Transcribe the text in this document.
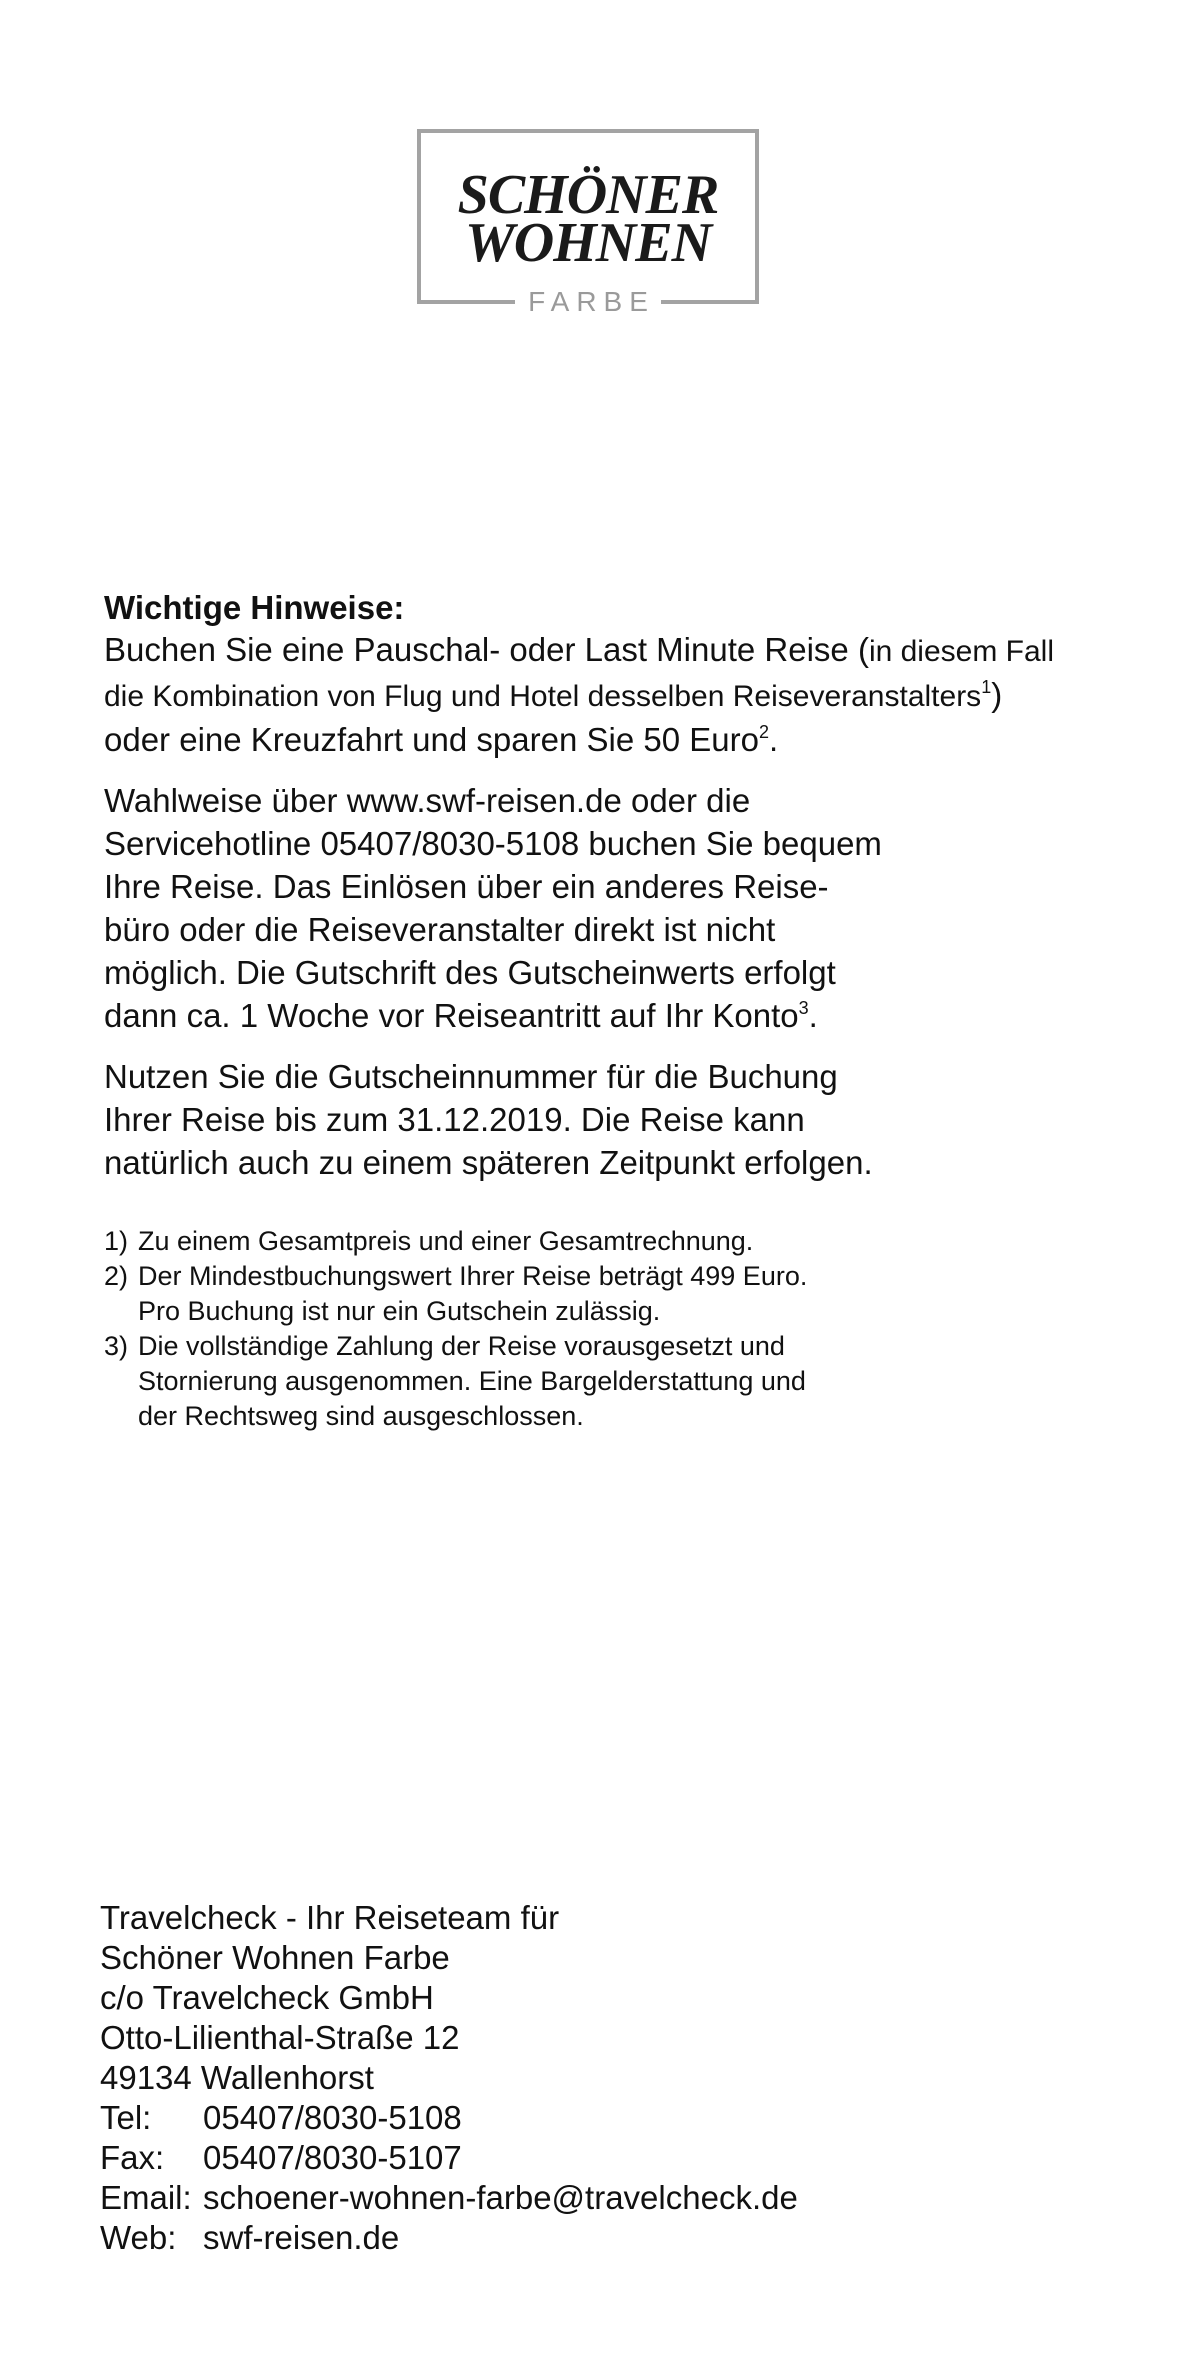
SCHÖNER
WOHNEN
FARBE

Wichtige Hinweise:

Buchen Sie eine Pauschal- oder Last Minute Reise (in diesem Fall
die Kombination von Flug und Hotel desselben Reiseveranstalters$^1$)
oder eine Kreuzfahrt und sparen Sie 50 Euro$^2$.

Wahlweise über www.swf-reisen.de oder die
Servicehotline 05407/8030-5108 buchen Sie bequem
Ihre Reise. Das Einlösen über ein anderes Reise-
büro oder die Reiseveranstalter direkt ist nicht
möglich. Die Gutschrift des Gutscheinwerts erfolgt
dann ca. 1 Woche vor Reiseantritt auf Ihr Konto$^3$.

Nutzen Sie die Gutscheinnummer für die Buchung
Ihrer Reise bis zum 31.12.2019. Die Reise kann
natürlich auch zu einem späteren Zeitpunkt erfolgen.

1) Zu einem Gesamtpreis und einer Gesamtrechnung.
2) Der Mindestbuchungswert Ihrer Reise beträgt 499 Euro.
Pro Buchung ist nur ein Gutschein zulässig.
3) Die vollständige Zahlung der Reise vorausgesetzt und
Stornierung ausgenommen. Eine Bargelderstattung und
der Rechtsweg sind ausgeschlossen.
Travelcheck - Ihr Reiseteam für
Schöner Wohnen Farbe
c/o Travelcheck GmbH
Otto-Lilienthal-Straße 12
49134 Wallenhorst
Tel:	05407/8030-5108
Fax:	05407/8030-5107
Email: schoener-wohnen-farbe@travelcheck.de
Web: swf-reisen.de
